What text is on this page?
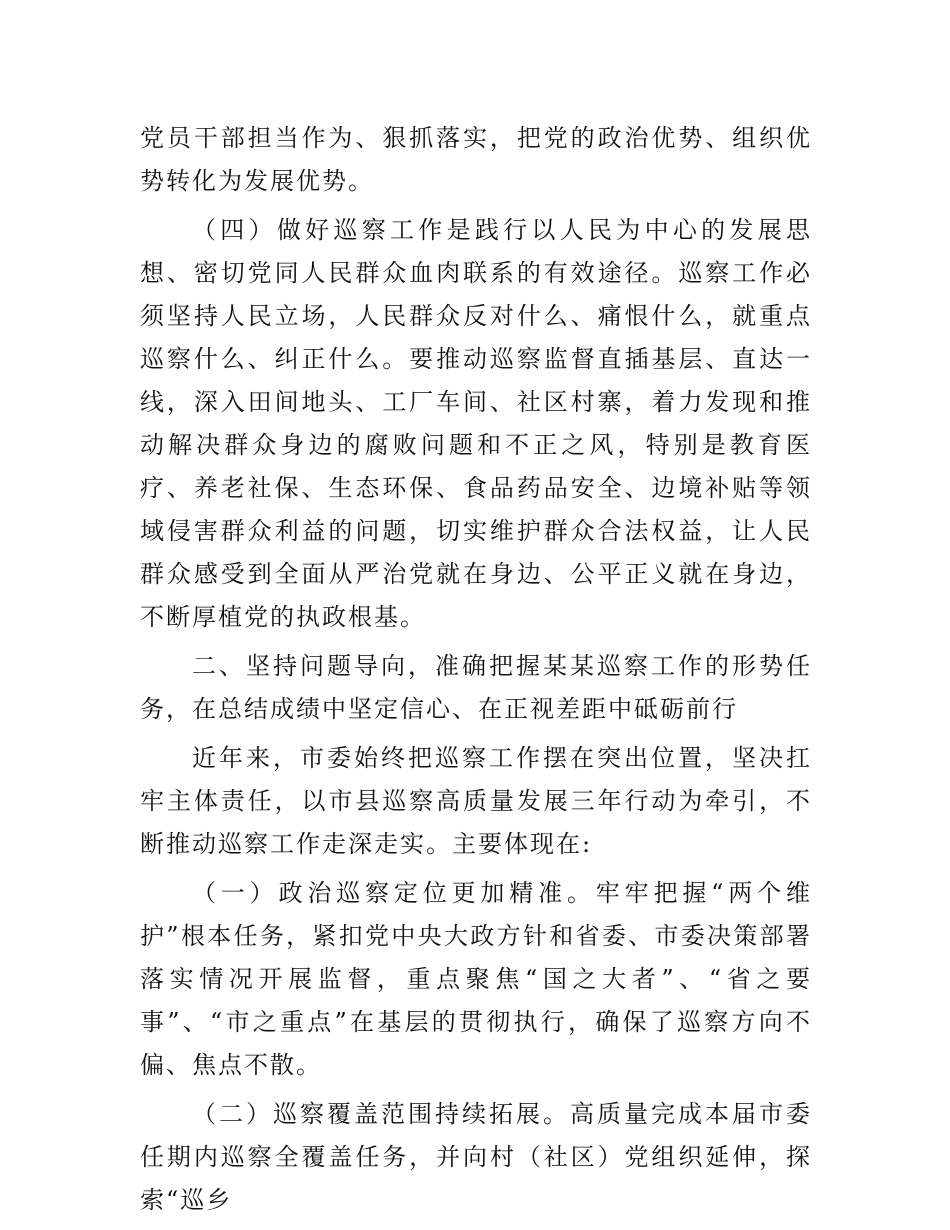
党员干部担当作为、狠抓落实，把党的政治优势、组织优势转化为发展优势。

（四）做好巡察工作是践行以人民为中心的发展思想、密切党同人民群众血肉联系的有效途径。巡察工作必须坚持人民立场，人民群众反对什么、痛恨什么，就重点巡察什么、纠正什么。要推动巡察监督直插基层、直达一线，深入田间地头、工厂车间、社区村寨，着力发现和推动解决群众身边的腐败问题和不正之风，特别是教育医疗、养老社保、生态环保、食品药品安全、边境补贴等领域侵害群众利益的问题，切实维护群众合法权益，让人民群众感受到全面从严治党就在身边、公平正义就在身边，不断厚植党的执政根基。

二、坚持问题导向，准确把握某某巡察工作的形势任务，在总结成绩中坚定信心、在正视差距中砥砺前行

近年来，市委始终把巡察工作摆在突出位置，坚决扛牢主体责任，以市县巡察高质量发展三年行动为牵引，不断推动巡察工作走深走实。主要体现在:

（一）政治巡察定位更加精准。牢牢把握“两个维护”根本任务，紧扣党中央大政方针和省委、市委决策部署落实情况开展监督，重点聚焦“国之大者”、“省之要事”、“市之重点”在基层的贯彻执行，确保了巡察方向不偏、焦点不散。

（二）巡察覆盖范围持续拓展。高质量完成本届市委任期内巡察全覆盖任务，并向村（社区）党组织延伸，探索“巡乡
